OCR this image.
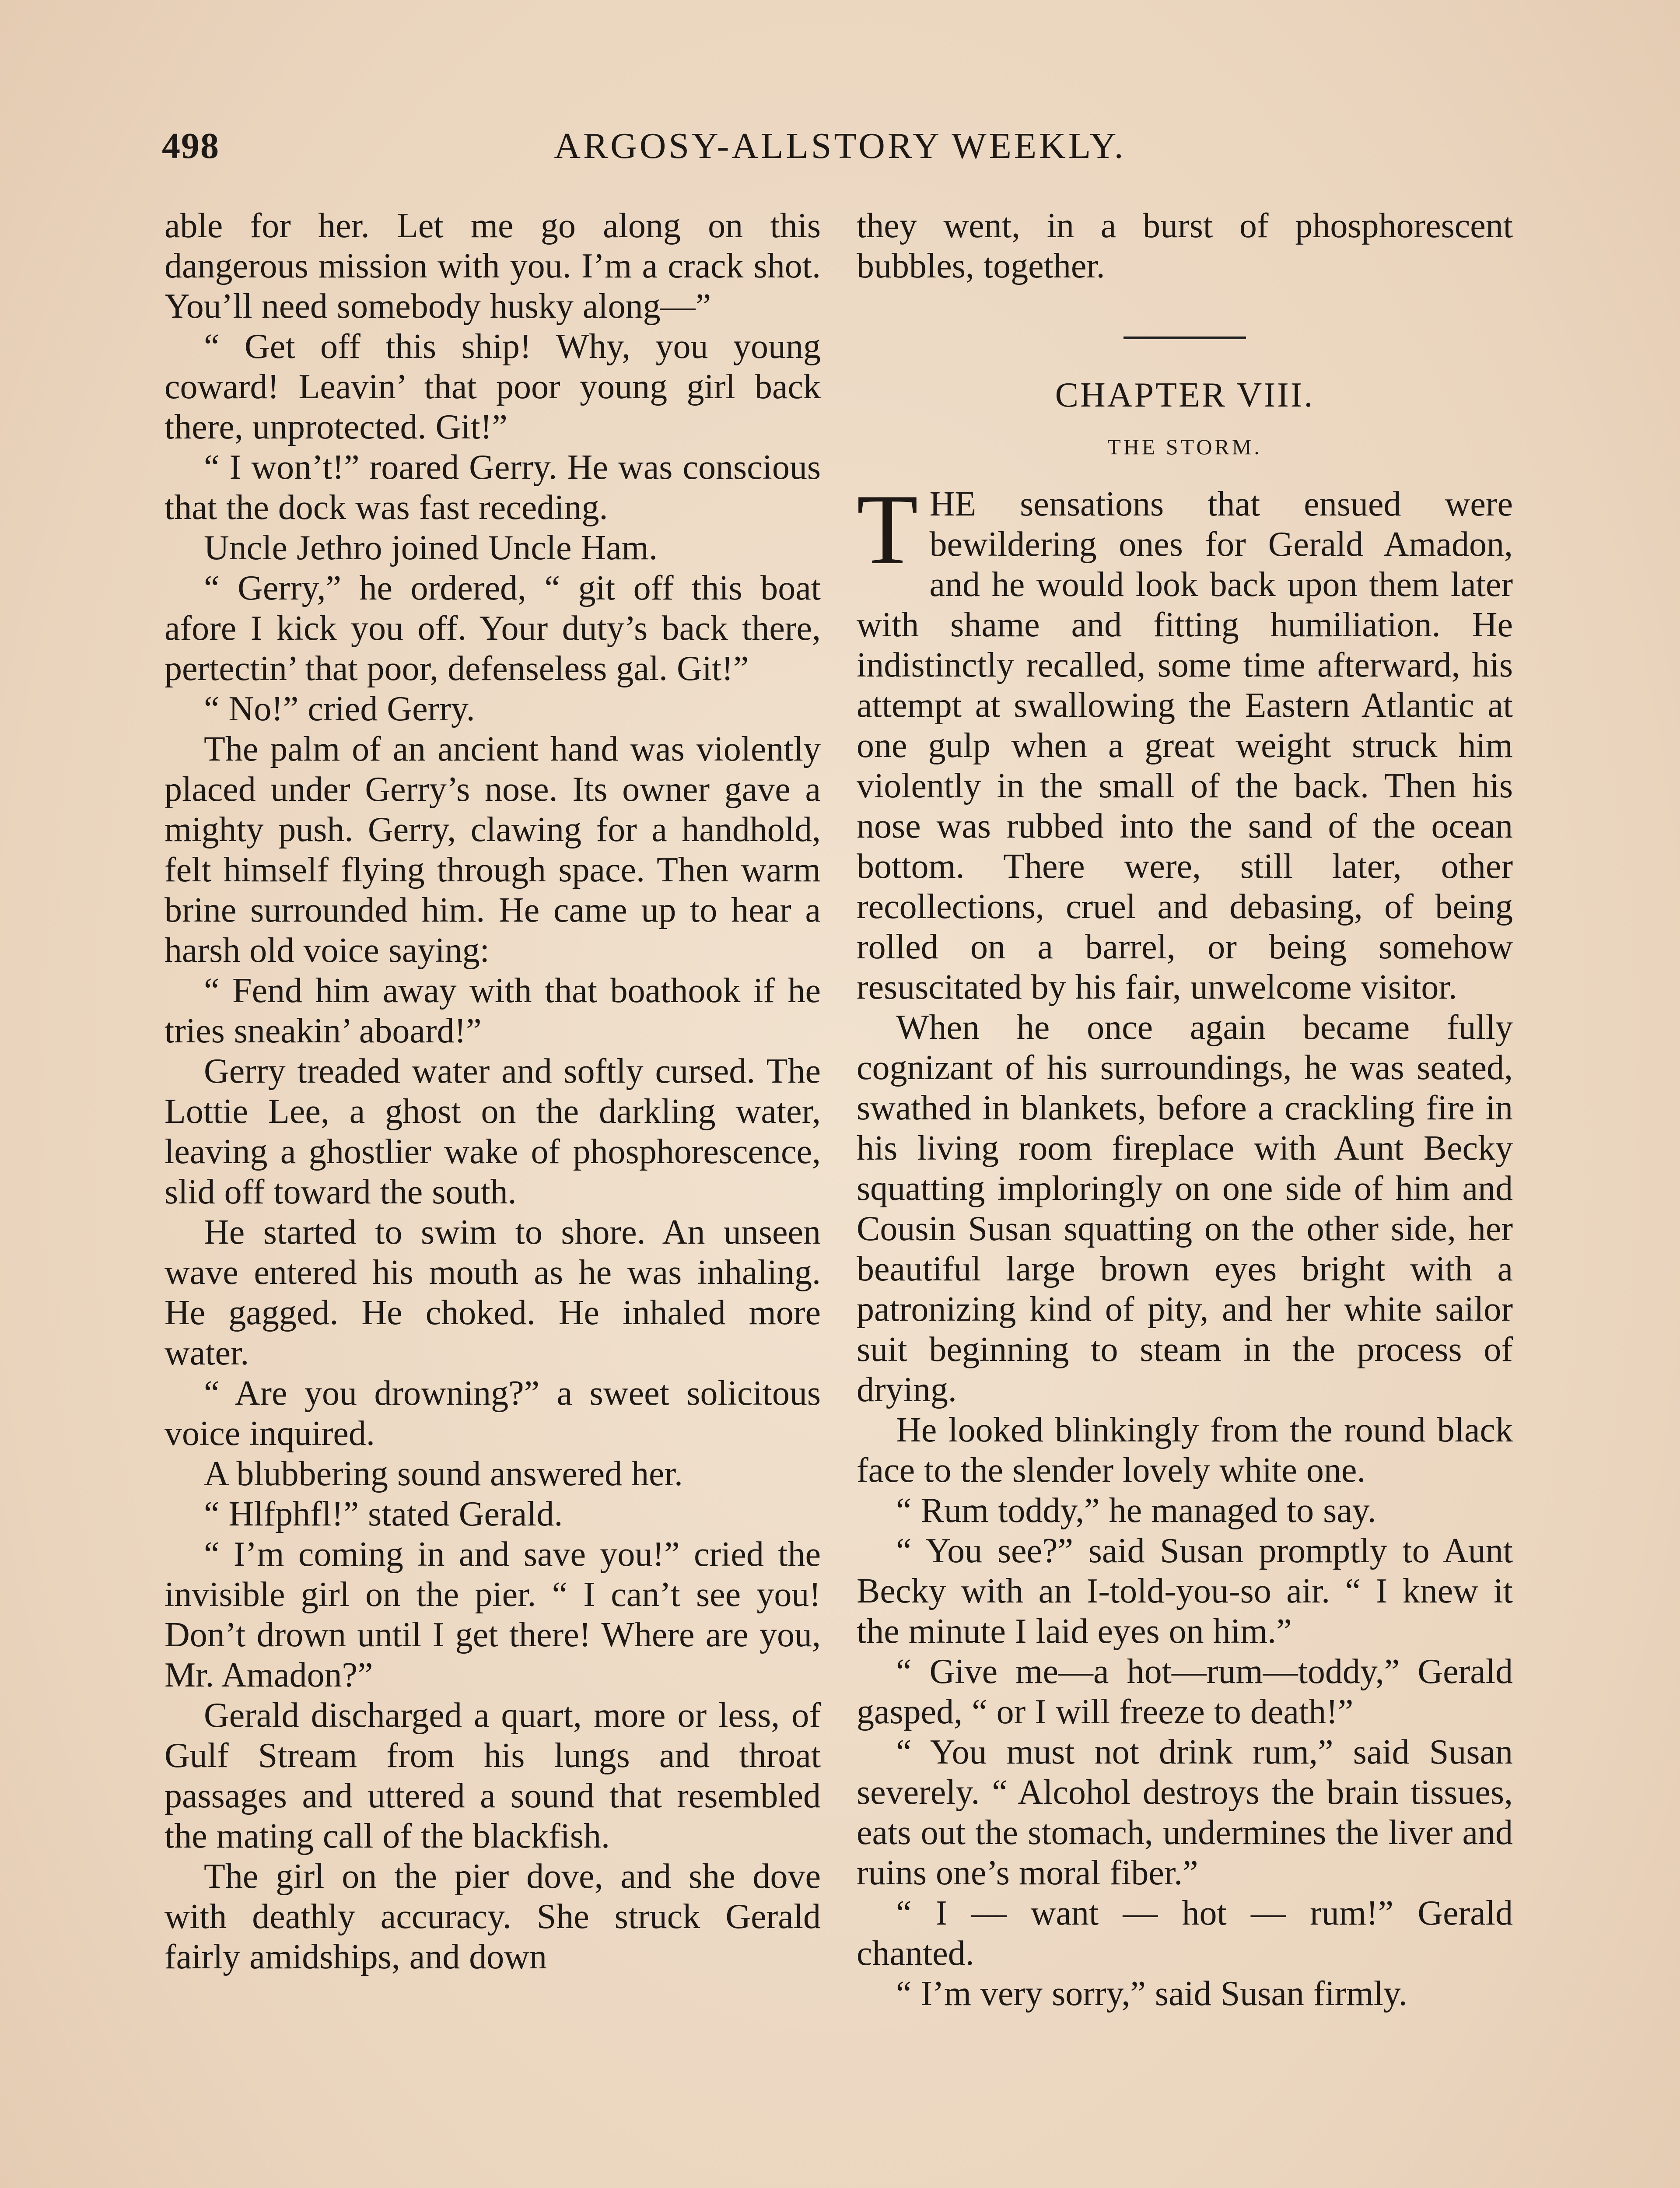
498	ARGOSY-ALLSTORY WEEKLY.

able for her. Let me go along on this dangerous mission with you. I’m a crack shot. You’ll need somebody husky along—”

“ Get off this ship! Why, you young coward! Leavin’ that poor young girl back there, unprotected. Git!”

“ I won’t!” roared Gerry. He was conscious that the dock was fast receding.

Uncle Jethro joined Uncle Ham.

“ Gerry,” he ordered, “ git off this boat afore I kick you off. Your duty’s back there, pertectin’ that poor, defenseless gal. Git!”

“ No!” cried Gerry.

The palm of an ancient hand was violently placed under Gerry’s nose. Its owner gave a mighty push. Gerry, clawing for a handhold, felt himself flying through space. Then warm brine surrounded him. He came up to hear a harsh old voice saying:

“ Fend him away with that boathook if he tries sneakin’ aboard!”

Gerry treaded water and softly cursed. The Lottie Lee, a ghost on the darkling water, leaving a ghostlier wake of phosphorescence, slid off toward the south.

He started to swim to shore. An unseen wave entered his mouth as he was inhaling. He gagged. He choked. He inhaled more water.

“ Are you drowning?” a sweet solicitous voice inquired.

A blubbering sound answered her.

“ Hlfphfl!” stated Gerald.

“ I’m coming in and save you!” cried the invisible girl on the pier. “ I can’t see you! Don’t drown until I get there! Where are you, Mr. Amadon?”

Gerald discharged a quart, more or less, of Gulf Stream from his lungs and throat passages and uttered a sound that resembled the mating call of the blackfish.

The girl on the pier dove, and she dove with deathly accuracy. She struck Gerald fairly amidships, and down

they went, in a burst of phosphorescent bubbles, together.

CHAPTER VIII.

THE STORM.

THE sensations that ensued were bewildering ones for Gerald Amadon, and he would look back upon them later with shame and fitting humiliation. He indistinctly recalled, some time afterward, his attempt at swallowing the Eastern Atlantic at one gulp when a great weight struck him violently in the small of the back. Then his nose was rubbed into the sand of the ocean bottom. There were, still later, other recollections, cruel and debasing, of being rolled on a barrel, or being somehow resuscitated by his fair, unwelcome visitor.

When he once again became fully cognizant of his surroundings, he was seated, swathed in blankets, before a crackling fire in his living room fireplace with Aunt Becky squatting imploringly on one side of him and Cousin Susan squatting on the other side, her beautiful large brown eyes bright with a patronizing kind of pity, and her white sailor suit beginning to steam in the process of drying.

He looked blinkingly from the round black face to the slender lovely white one.

“ Rum toddy,” he managed to say.

“ You see?” said Susan promptly to Aunt Becky with an I-told-you-so air. “ I knew it the minute I laid eyes on him.”

“ Give me—a hot—rum—toddy,” Gerald gasped, “ or I will freeze to death!”

“ You must not drink rum,” said Susan severely. “ Alcohol destroys the brain tissues, eats out the stomach, undermines the liver and ruins one’s moral fiber.”

“ I — want — hot — rum!” Gerald chanted.

“ I’m very sorry,” said Susan firmly.
